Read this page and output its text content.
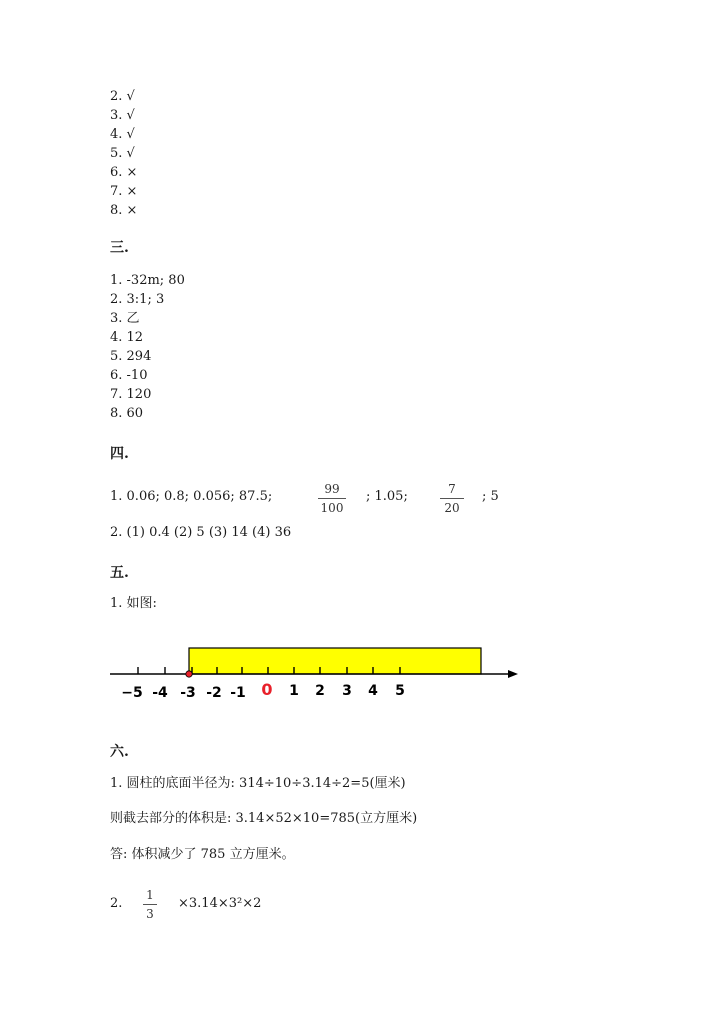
2. √
3. √
4. √
5. √
6. ×
7. ×
8. ×
三.
1. -32m; 80
2. 3:1; 3
3. 乙
4. 12
5. 294
6. -10
7. 120
8. 60
四.
1. 0.06; 0.8; 0.056; 87.5;	99
100
; 1.05;	7
20
; 5
2. (1) 0.4 (2) 5 (3) 14 (4) 36
五.
1. 如图:
−5 -4 -3 -2 -1 0 1 2 3 4 5
六.
1. 圆柱的底面半径为: 314÷10÷3.14÷2=5(厘米)
则截去部分的体积是: 3.14×52×10=785(立方厘米)
答: 体积减少了 785 立方厘米。
2.
1
3
×3.14×3²×2
